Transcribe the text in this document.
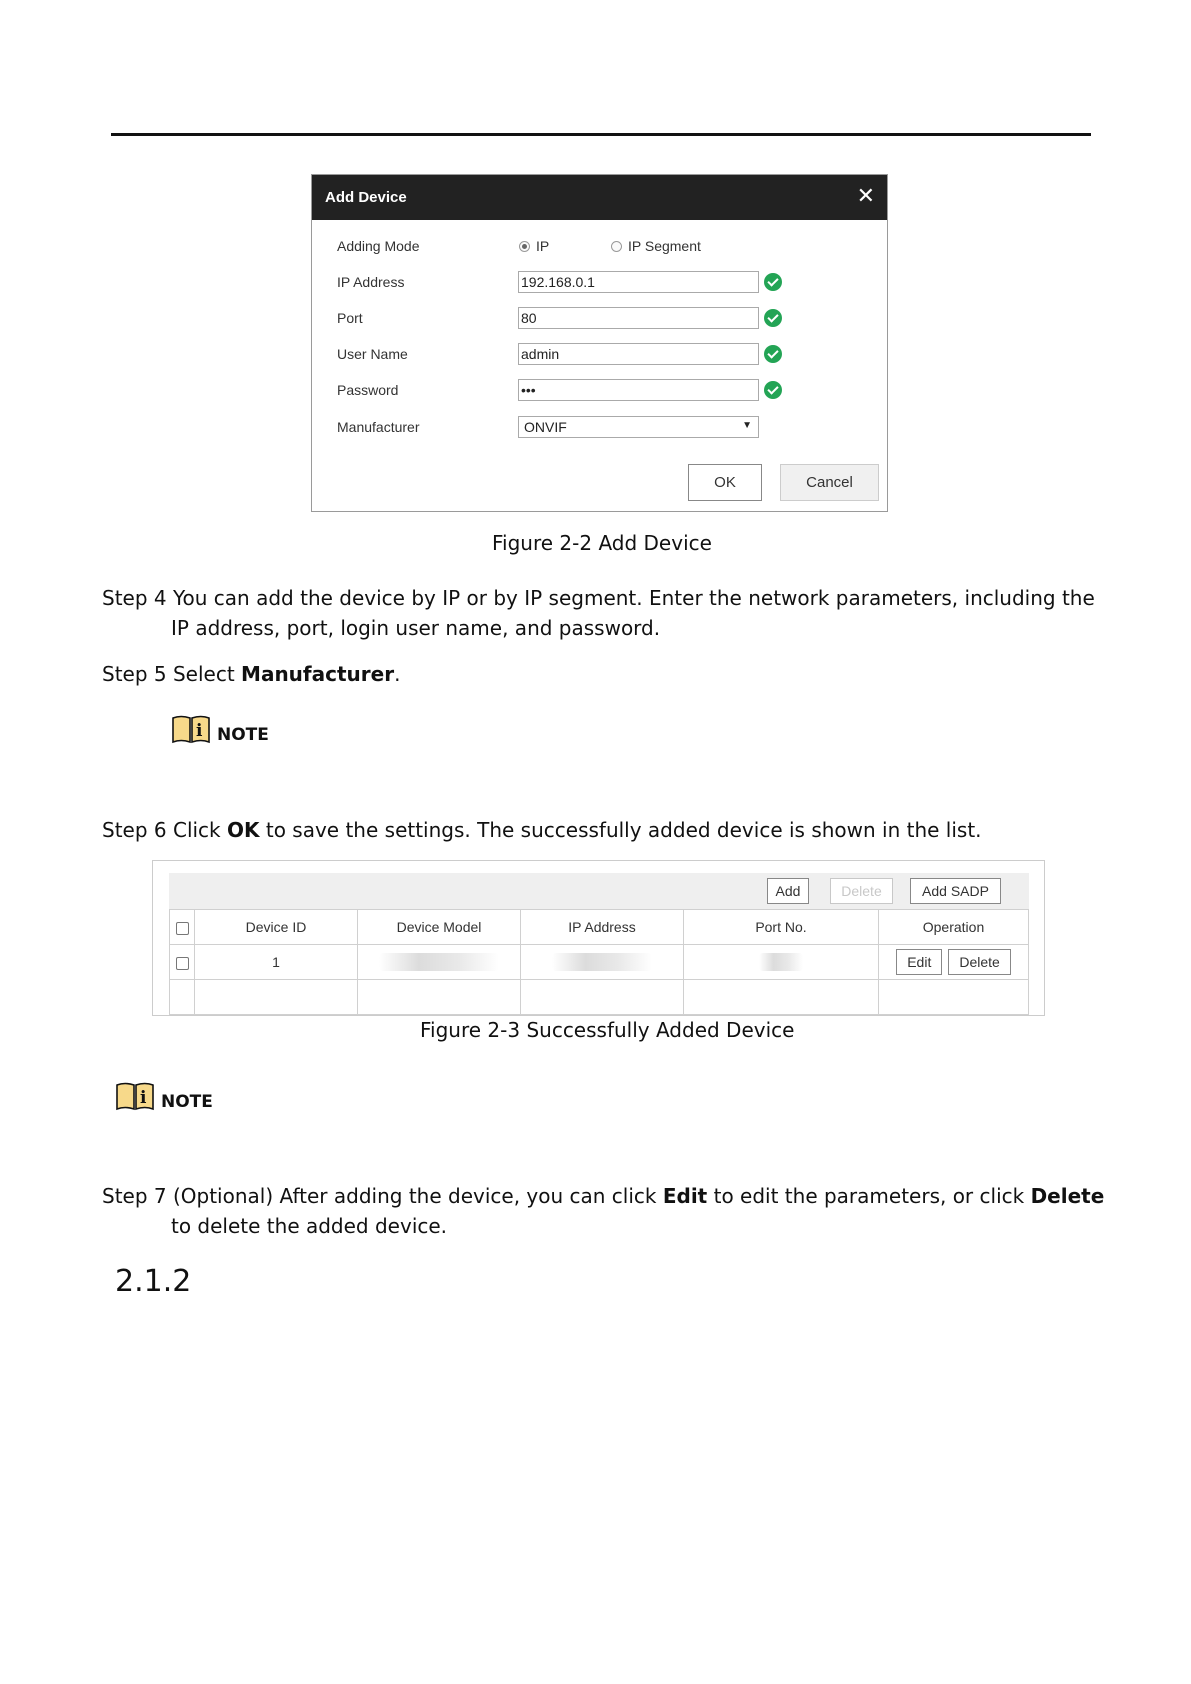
Add Device	✕
Adding Mode	IP	IP Segment
IP Address	192.168.0.1
Port	80
User Name	admin
Password	•••
Manufacturer	ONVIF	▼
OK	Cancel
Figure 2-2 Add Device
Step 4 You can add the device by IP or by IP segment. Enter the network parameters, including the
IP address, port, login user name, and password.
Step 5 Select Manufacturer.
i NOTE
Step 6 Click OK to save the settings. The successfully added device is shown in the list.
Add	Delete	Add SADP
	Device ID	Device Model	IP Address	Port No.	Operation
	1				Edit Delete

Figure 2-3 Successfully Added Device
i NOTE
Step 7 (Optional) After adding the device, you can click Edit to edit the parameters, or click Delete
to delete the added device.
2.1.2
